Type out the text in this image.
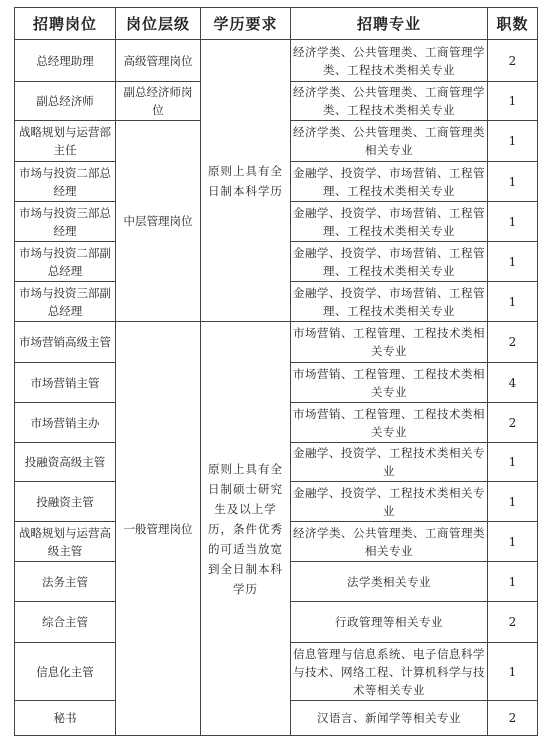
招聘岗位	岗位层级	学历要求	招聘专业	职数
总经理助理	高级管理岗位	原则上具有全日制本科学历	经济学类、公共管理类、工商管理学类、工程技术类相关专业	2
副总经济师	副总经济师岗位		经济学类、公共管理类、工商管理学类、工程技术类相关专业	1
战略规划与运营部主任	中层管理岗位		经济学类、公共管理类、工商管理类相关专业	1
市场与投资二部总经理			金融学、投资学、市场营销、工程管理、工程技术类相关专业	1
市场与投资三部总经理			金融学、投资学、市场营销、工程管理、工程技术类相关专业	1
市场与投资二部副总经理			金融学、投资学、市场营销、工程管理、工程技术类相关专业	1
市场与投资三部副总经理			金融学、投资学、市场营销、工程管理、工程技术类相关专业	1
市场营销高级主管	一般管理岗位	原则上具有全日制硕士研究生及以上学历，条件优秀的可适当放宽到全日制本科学历	市场营销、工程管理、工程技术类相关专业	2
市场营销主管			市场营销、工程管理、工程技术类相关专业	4
市场营销主办			市场营销、工程管理、工程技术类相关专业	2
投融资高级主管			金融学、投资学、工程技术类相关专业	1
投融资主管			金融学、投资学、工程技术类相关专业	1
战略规划与运营高级主管			经济学类、公共管理类、工商管理类相关专业	1
法务主管			法学类相关专业	1
综合主管			行政管理等相关专业	2
信息化主管			信息管理与信息系统、电子信息科学与技术、网络工程、计算机科学与技术等相关专业	1
秘书			汉语言、新闻学等相关专业	2
